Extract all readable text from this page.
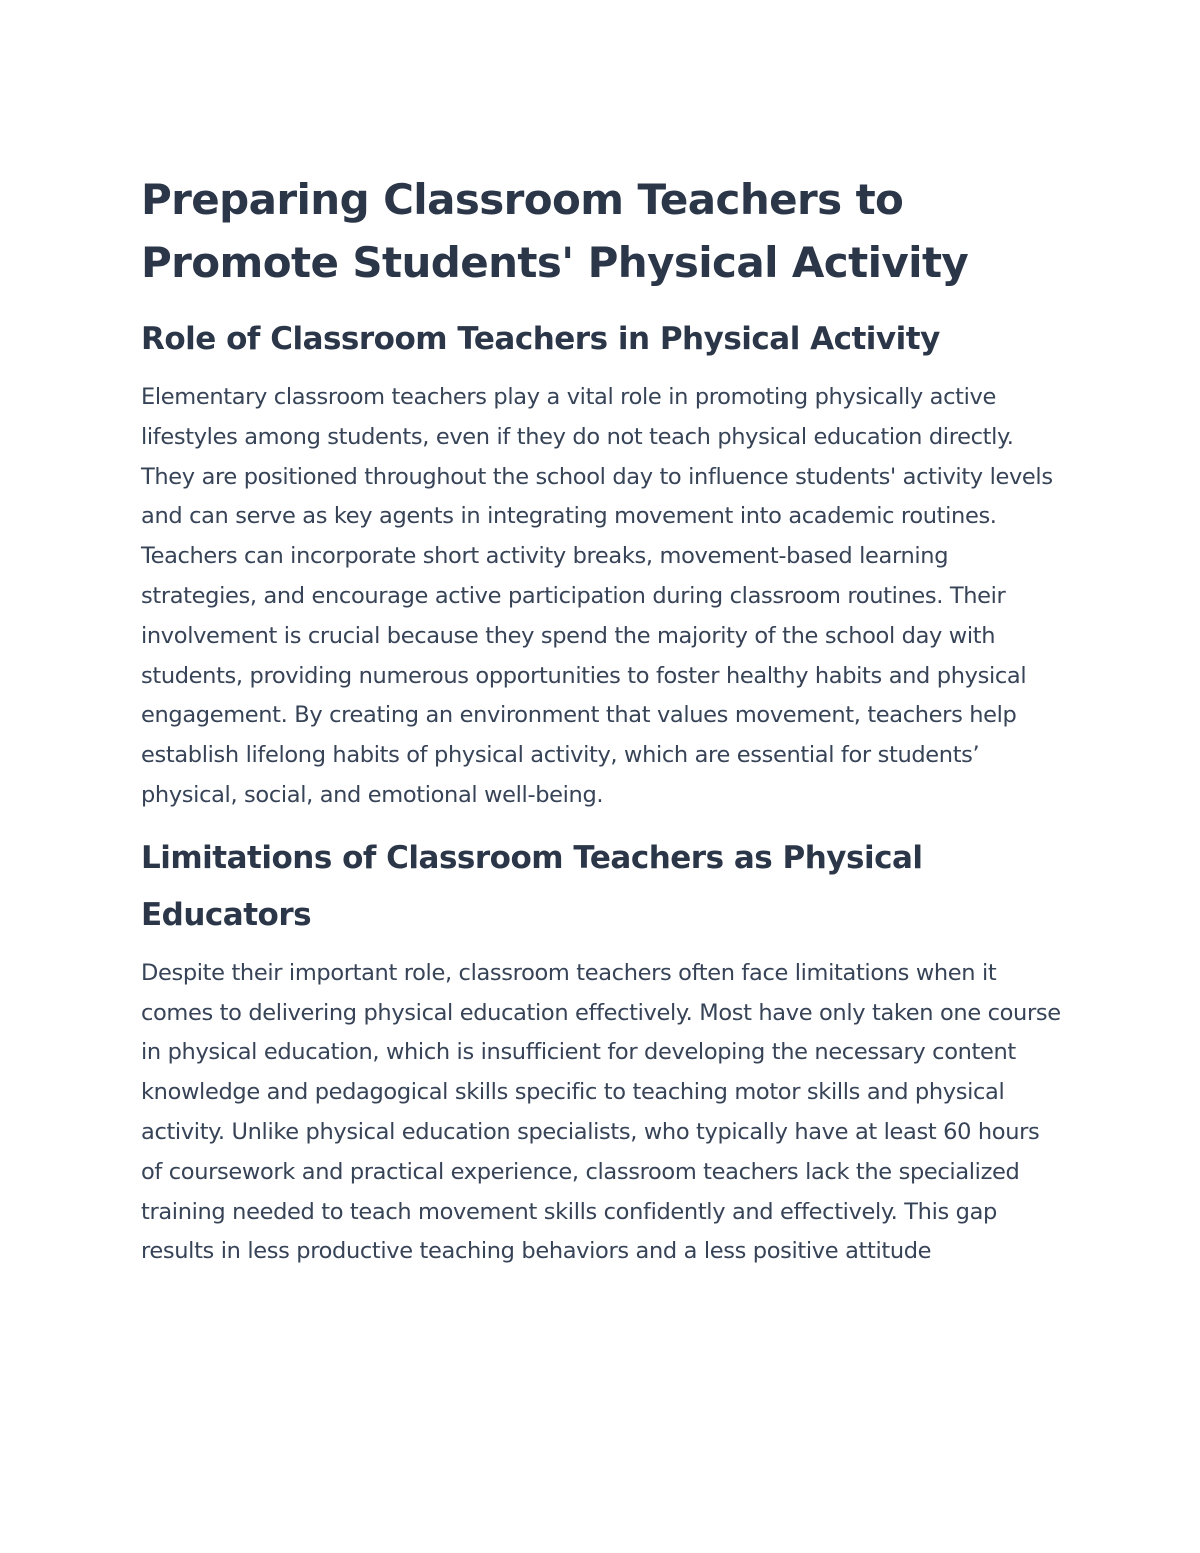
Preparing Classroom Teachers to Promote Students' Physical Activity
Role of Classroom Teachers in Physical Activity

Elementary classroom teachers play a vital role in promoting physically active lifestyles among students, even if they do not teach physical education directly. They are positioned throughout the school day to influence students' activity levels and can serve as key agents in integrating movement into academic routines. Teachers can incorporate short activity breaks, movement-based learning strategies, and encourage active participation during classroom routines. Their involvement is crucial because they spend the majority of the school day with students, providing numerous opportunities to foster healthy habits and physical engagement. By creating an environment that values movement, teachers help establish lifelong habits of physical activity, which are essential for students’ physical, social, and emotional well-being.

Limitations of Classroom Teachers as Physical Educators

Despite their important role, classroom teachers often face limitations when it comes to delivering physical education effectively. Most have only taken one course in physical education, which is insufficient for developing the necessary content knowledge and pedagogical skills specific to teaching motor skills and physical activity. Unlike physical education specialists, who typically have at least 60 hours of coursework and practical experience, classroom teachers lack the specialized training needed to teach movement skills confidently and effectively. This gap results in less productive teaching behaviors and a less positive attitude
